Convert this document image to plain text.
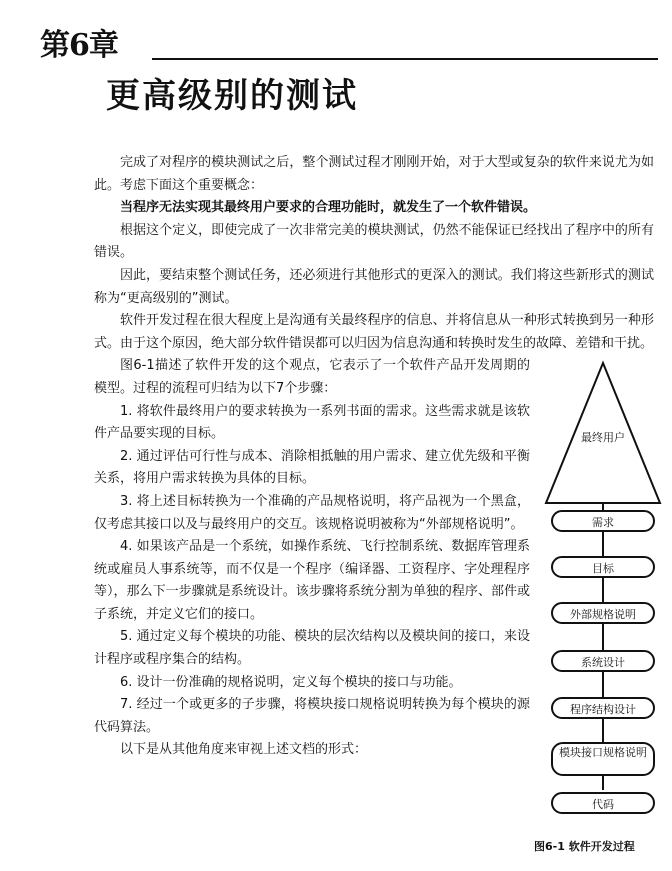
第6章
更高级别的测试

完成了对程序的模块测试之后，整个测试过程才刚刚开始，对于大型或复杂的软件来说尤为如此。考虑下面这个重要概念：

当程序无法实现其最终用户要求的合理功能时，就发生了一个软件错误。

根据这个定义，即使完成了一次非常完美的模块测试，仍然不能保证已经找出了程序中的所有错误。

因此，要结束整个测试任务，还必须进行其他形式的更深入的测试。我们将这些新形式的测试称为“更高级别的”测试。

软件开发过程在很大程度上是沟通有关最终程序的信息、并将信息从一种形式转换到另一种形式。由于这个原因，绝大部分软件错误都可以归因为信息沟通和转换时发生的故障、差错和干扰。

图6-1描述了软件开发的这个观点，它表示了一个软件产品开发周期的模型。过程的流程可归结为以下7个步骤：

1. 将软件最终用户的要求转换为一系列书面的需求。这些需求就是该软件产品要实现的目标。

2. 通过评估可行性与成本、消除相抵触的用户需求、建立优先级和平衡关系，将用户需求转换为具体的目标。

3. 将上述目标转换为一个准确的产品规格说明，将产品视为一个黑盒，仅考虑其接口以及与最终用户的交互。该规格说明被称为“外部规格说明”。

4. 如果该产品是一个系统，如操作系统、飞行控制系统、数据库管理系统或雇员人事系统等，而不仅是一个程序（编译器、工资程序、字处理程序等），那么下一步骤就是系统设计。该步骤将系统分割为单独的程序、部件或子系统，并定义它们的接口。

5. 通过定义每个模块的功能、模块的层次结构以及模块间的接口，来设计程序或程序集合的结构。

6. 设计一份准确的规格说明，定义每个模块的接口与功能。

7. 经过一个或更多的子步骤，将模块接口规格说明转换为每个模块的源代码算法。

以下是从其他角度来审视上述文档的形式：

最终用户
需求
目标
外部规格说明
系统设计
程序结构设计
模块接口规格说明
代码
图6-1 软件开发过程
